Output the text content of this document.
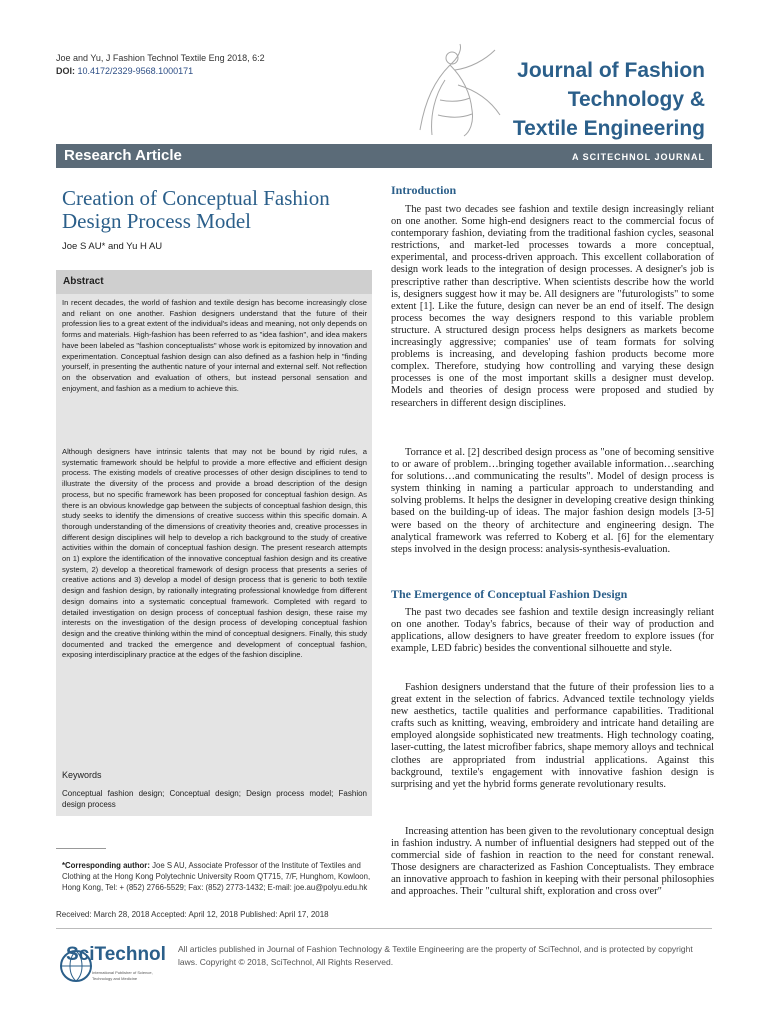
Joe and Yu, J Fashion Technol Textile Eng 2018, 6:2
DOI: 10.4172/2329-9568.1000171	Journal of Fashion
Technology &
Textile Engineering
Research Article	A SCITECHNOL JOURNAL
Creation of Conceptual Fashion Design Process Model
Joe S AU* and Yu H AU
Abstract
In recent decades, the world of fashion and textile design has become increasingly close and reliant on one another. Fashion designers understand that the future of their profession lies to a great extent of the individual's ideas and meaning, not only depends on forms and materials. High-fashion has been referred to as "idea fashion", and idea makers have been labeled as "fashion conceptualists" whose work is epitomized by innovation and experimentation. Conceptual fashion design can also defined as a fashion help in "finding yourself, in presenting the authentic nature of your internal and external self. Not reflection on the observation and evaluation of others, but instead personal sensation and enjoyment, and fashion as a medium to achieve this.
Although designers have intrinsic talents that may not be bound by rigid rules, a systematic framework should be helpful to provide a more effective and efficient design process. The existing models of creative processes of other design disciplines to tend to illustrate the diversity of the process and provide a broad description of the design process, but no specific framework has been proposed for conceptual fashion design. As there is an obvious knowledge gap between the subjects of conceptual fashion design, this study seeks to identify the dimensions of creative success within this specific domain. A thorough understanding of the dimensions of creativity theories and, creative processes in different design disciplines will help to develop a rich background to the study of creative activities within the domain of conceptual fashion design. The present research attempts on 1) explore the identification of the innovative conceptual fashion design and its creative system, 2) develop a theoretical framework of design process that presents a series of creative actions and 3) develop a model of design process that is generic to both textile design and fashion design, by rationally integrating professional knowledge from different design domains into a systematic conceptual framework. Completed with regard to detailed investigation on design process of conceptual fashion design, these raise my interests on the investigation of the design process of developing conceptual fashion design and the creative thinking within the mind of conceptual designers. Finally, this study documented and tracked the emergence and development of conceptual fashion, exposing interdisciplinary practice at the edges of the fashion discipline.
Keywords
Conceptual fashion design; Conceptual design; Design process model; Fashion design process
*Corresponding author: Joe S AU, Associate Professor of the Institute of Textiles and Clothing at the Hong Kong Polytechnic University Room QT715, 7/F, Hunghom, Kowloon, Hong Kong, Tel: + (852) 2766-5529; Fax: (852) 2773-1432; E-mail: joe.au@polyu.edu.hk
Received: March 28, 2018 Accepted: April 12, 2018 Published: April 17, 2018
Introduction
The past two decades see fashion and textile design increasingly reliant on one another. Some high-end designers react to the commercial focus of contemporary fashion, deviating from the traditional fashion cycles, seasonal restrictions, and market-led processes towards a more conceptual, experimental, and process-driven approach. This excellent collaboration of design work leads to the integration of design processes. A designer's job is prescriptive rather than descriptive. When scientists describe how the world is, designers suggest how it may be. All designers are "futurologists" to some extent [1]. Like the future, design can never be an end of itself. The design process becomes the way designers respond to this variable problem structure. A structured design process helps designers as markets become increasingly aggressive; companies' use of team formats for solving problems is increasing, and developing fashion products become more complex. Therefore, studying how controlling and varying these design processes is one of the most important skills a designer must develop. Models and theories of design process were proposed and studied by researchers in different design disciplines.
Torrance et al. [2] described design process as "one of becoming sensitive to or aware of problem…bringing together available information…searching for solutions…and communicating the results". Model of design process is system thinking in naming a particular approach to understanding and solving problems. It helps the designer in developing creative design thinking based on the building-up of ideas. The major fashion design models [3-5] were based on the theory of architecture and engineering design. The analytical framework was referred to Koberg et al. [6] for the elementary steps involved in the design process: analysis-synthesis-evaluation.
The Emergence of Conceptual Fashion Design
The past two decades see fashion and textile design increasingly reliant on one another. Today's fabrics, because of their way of production and applications, allow designers to have greater freedom to explore issues (for example, LED fabric) besides the conventional silhouette and style.
Fashion designers understand that the future of their profession lies to a great extent in the selection of fabrics. Advanced textile technology yields new aesthetics, tactile qualities and performance capabilities. Traditional crafts such as knitting, weaving, embroidery and intricate hand detailing are employed alongside sophisticated new treatments. High technology coating, laser-cutting, the latest microfiber fabrics, shape memory alloys and technical clothes are appropriated from industrial applications. Against this background, textile's engagement with innovative fashion design is surprising and yet the hybrid forms generate revolutionary results.
Increasing attention has been given to the revolutionary conceptual design in fashion industry. A number of influential designers had stepped out of the commercial side of fashion in reaction to the need for constant renewal. Those designers are characterized as Fashion Conceptualists. They embrace an innovative approach to fashion in keeping with their personal philosophies and approaches. Their "cultural shift, exploration and cross over"
SciTechnol
International Publisher of Science, Technology and Medicine
All articles published in Journal of Fashion Technology & Textile Engineering are the property of SciTechnol, and is protected by copyright laws. Copyright © 2018, SciTechnol, All Rights Reserved.
